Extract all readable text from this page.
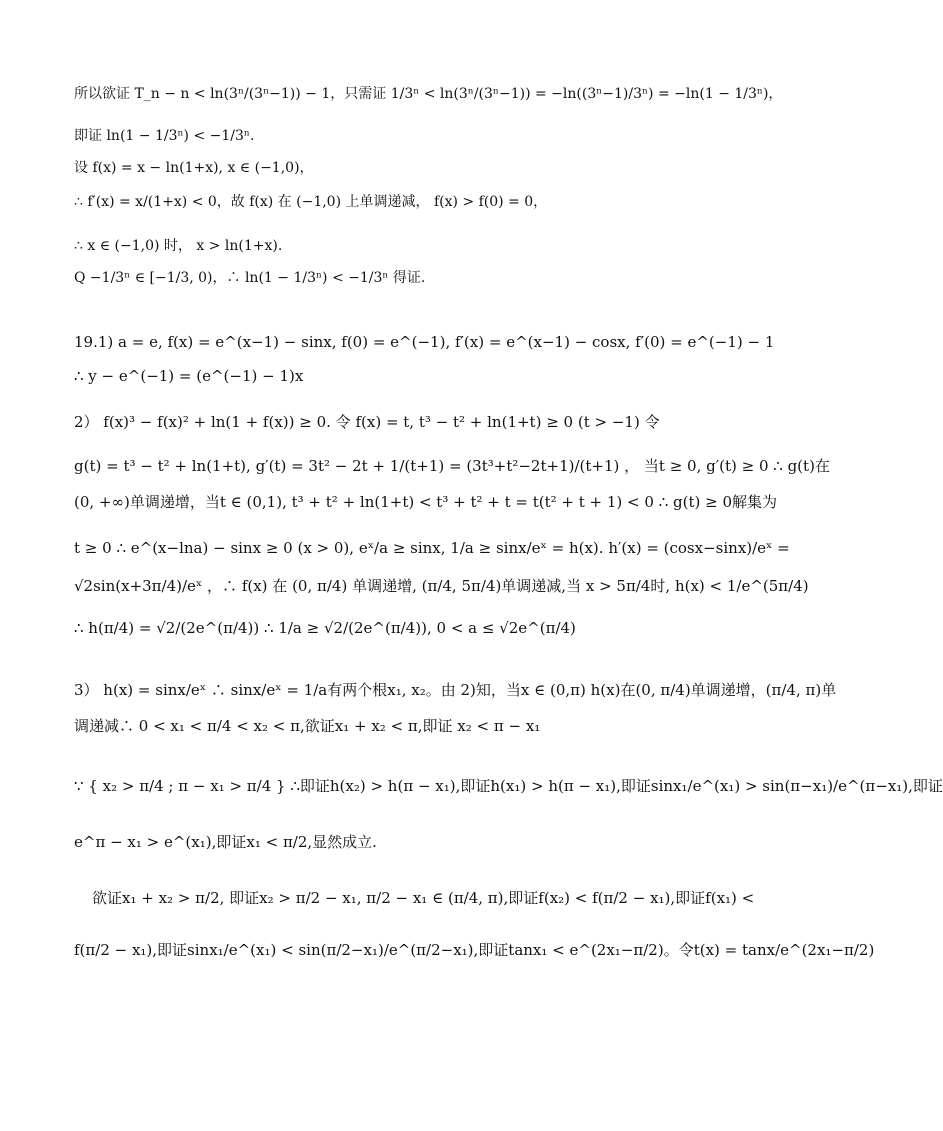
所以欲证 T_n − n < ln(3ⁿ/(3ⁿ−1)) − 1，只需证 1/3ⁿ < ln(3ⁿ/(3ⁿ−1)) = −ln((3ⁿ−1)/3ⁿ) = −ln(1 − 1/3ⁿ)，
即证 ln(1 − 1/3ⁿ) < −1/3ⁿ.
设 f(x) = x − ln(1+x), x ∈ (−1,0)，
∴ f′(x) = x/(1+x) < 0，故 f(x) 在 (−1,0) 上单调递减， f(x) > f(0) = 0，
∴ x ∈ (−1,0) 时， x > ln(1+x).
Q −1/3ⁿ ∈ [−1/3, 0)，∴ ln(1 − 1/3ⁿ) < −1/3ⁿ 得证.
19.1) a = e, f(x) = e^(x−1) − sinx, f(0) = e^(−1), f′(x) = e^(x−1) − cosx, f′(0) = e^(−1) − 1
∴ y − e^(−1) = (e^(−1) − 1)x
2） f(x)³ − f(x)² + ln(1 + f(x)) ≥ 0. 令 f(x) = t, t³ − t² + ln(1+t) ≥ 0 (t > −1) 令
g(t) = t³ − t² + ln(1+t), g′(t) = 3t² − 2t + 1/(t+1) = (3t³+t²−2t+1)/(t+1) ， 当t ≥ 0, g′(t) ≥ 0 ∴ g(t)在
(0, +∞)单调递增，当t ∈ (0,1), t³ + t² + ln(1+t) < t³ + t² + t = t(t² + t + 1) < 0 ∴ g(t) ≥ 0解集为
t ≥ 0 ∴ e^(x−lna) − sinx ≥ 0 (x > 0), eˣ/a ≥ sinx, 1/a ≥ sinx/eˣ = h(x). h′(x) = (cosx−sinx)/eˣ =
√2sin(x+3π/4)/eˣ ，∴ f(x) 在 (0, π/4) 单调递增, (π/4, 5π/4)单调递减,当 x > 5π/4时, h(x) < 1/e^(5π/4)
∴ h(π/4) = √2/(2e^(π/4)) ∴ 1/a ≥ √2/(2e^(π/4)), 0 < a ≤ √2e^(π/4)
3） h(x) = sinx/eˣ ∴ sinx/eˣ = 1/a有两个根x₁, x₂。由 2)知，当x ∈ (0,π) h(x)在(0, π/4)单调递增，(π/4, π)单
调递减∴ 0 < x₁ < π/4 < x₂ < π,欲证x₁ + x₂ < π,即证 x₂ < π − x₁
∵ { x₂ > π/4 ; π − x₁ > π/4 } ∴即证h(x₂) > h(π − x₁),即证h(x₁) > h(π − x₁),即证sinx₁/e^(x₁) > sin(π−x₁)/e^(π−x₁),即证
e^π − x₁ > e^(x₁),即证x₁ < π/2,显然成立.
欲证x₁ + x₂ > π/2, 即证x₂ > π/2 − x₁, π/2 − x₁ ∈ (π/4, π),即证f(x₂) < f(π/2 − x₁),即证f(x₁) <
f(π/2 − x₁),即证sinx₁/e^(x₁) < sin(π/2−x₁)/e^(π/2−x₁),即证tanx₁ < e^(2x₁−π/2)。令t(x) = tanx/e^(2x₁−π/2)
